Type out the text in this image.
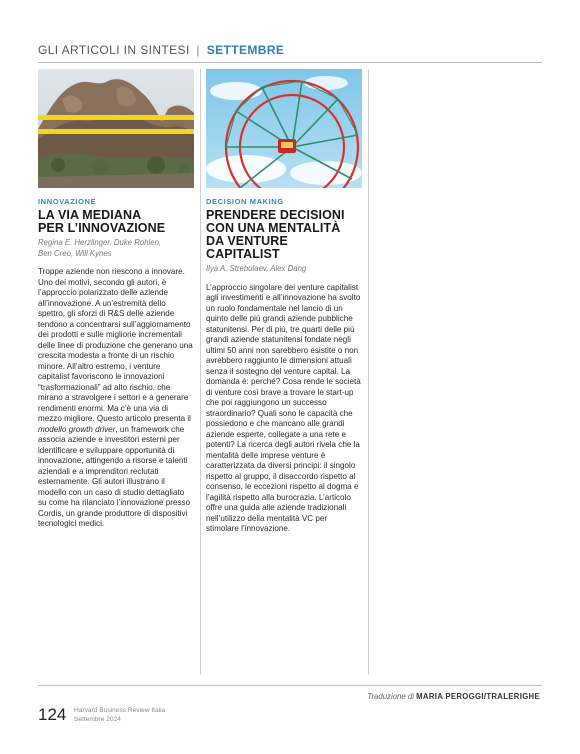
GLI ARTICOLI IN SINTESI | SETTEMBRE
INNOVAZIONE
LA VIA MEDIANA
PER L’INNOVAZIONE
Regina E. Herzlinger, Duke Rohlen,
Ben Creo, Will Kynes
Troppe aziende non riescono a innovare. Uno dei motivi, secondo gli autori, è l’approccio polarizzato delle aziende all’innovazione. A un’estremità dello spettro, gli sforzi di R&S delle aziende tendono a concentrarsi sull’aggiornamento dei prodotti e sulle migliorie incrementali delle linee di produzione che generano una crescita modesta a fronte di un rischio minore. All’altro estremo, i venture capitalist favoriscono le innovazioni “trasformazionali” ad alto rischio, che mirano a stravolgere i settori e a generare rendimenti enormi. Ma c’è una via di mezzo migliore. Questo articolo presenta il modello growth driver, un framework che associa aziende e investitori esterni per identificare e sviluppare opportunità di innovazione, attingendo a risorse e talenti aziendali e a imprenditori reclutati esternamente. Gli autori illustrano il modello con un caso di studio dettagliato su come ha rilanciato l’innovazione presso Cordis, un grande produttore di dispositivi tecnologici medici.
DECISION MAKING
PRENDERE DECISIONI
CON UNA MENTALITÀ
DA VENTURE CAPITALIST
Ilya A. Strebulaev, Alex Dang
L’approccio singolare dei venture capitalist agli investimenti e all’innovazione ha svolto un ruolo fondamentale nel lancio di un quinto delle più grandi aziende pubbliche statunitensi. Per di più, tre quarti delle più grandi aziende statunitensi fondate negli ultimi 50 anni non sarebbero esistite o non avrebbero raggiunto le dimensioni attuali senza il sostegno del venture capital. La domanda è: perché? Cosa rende le società di venture così brave a trovare le start-up che poi raggiungono un successo straordinario? Quali sono le capacità che possiedono e che mancano alle grandi aziende esperte, collegate a una rete e potenti? La ricerca degli autori rivela che la mentalità delle imprese venture è caratterizzata da diversi principi: il singolo rispetto al gruppo, il disaccordo rispetto al consenso, le eccezioni rispetto al dogma e l’agilità rispetto alla burocrazia. L’articolo offre una guida alle aziende tradizionali nell’utilizzo della mentalità VC per stimolare l’innovazione.
Traduzione di MARIA PEROGGI/TRALERIGHE
124 Harvard Business Review Italia
Settembre 2024
